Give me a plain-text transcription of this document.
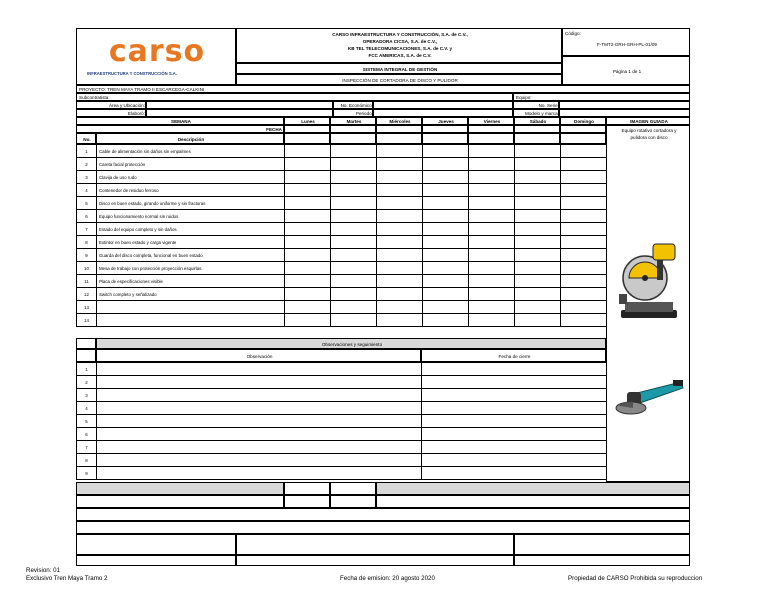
carso
INFRAESTRUCTURA Y CONSTRUCCIÓN S.A.
CARSO INFRAESTRUCTURA Y CONSTRUCCIÓN, S.A. de C.V.,
OPERADORA CICSA, S.A. de C.V.,
KB TEL TELECOMUNICACIONES, S.A. de C.V. y
FCC AMERICAS, S.A. de C.V.
SISTEMA INTEGRAL DE GESTIÓN
INSPECCIÓN DE CORTADORA DE DISCO Y PULIDOR
Código:
F-TMT2-GRH-GRH-PL-01/09
Página 1 de 1
PROYECTO: TREN MAYA TRAMO II ESCARCEGA-CALKINI
Subcontratista:	Equipo:
Área y Ubicación:	No. Económico:	No. Serie:
Elaboró:	Periodo:	Modelo y marca:
SEMANA
FECHA
No.	Descripción
IMAGEN GUIADA
Equipo rotativo cortadora y
pulidora con disco
1	Cable de alimentación sin daños sin empalmes							
2	Careta facial protección							
3	Clavija de uso rudo							
4	Contenedor de residuo ferroso							
5	Disco en buen estado, girando uniforme y sin fracturas							
6	Equipo funcionamiento normal sin ruidos							
7	Estado del equipo completo y sin daños							
8	Extintor en buen estado y carga vigente							
9	Guarda del disco completa, funcional en buen estado							
10	Mesa de trabajo con protección proyección esquirlas							
11	Placa de especificaciones visible							
12	Switch completo y señalizado							
13								
14								
Observaciones y seguimiento
Observación	Fecha de cierre
1		
2		
3		
4		
5		
6		
7		
8		
9		
Lunes	Martes	Miércoles	Jueves	Viernes	Sábado	Domingo
Revision: 01
Exclusivo Tren Maya Tramo 2	Fecha de emision: 20 agosto 2020	Propiedad de CARSO Prohibida su reproduccion
